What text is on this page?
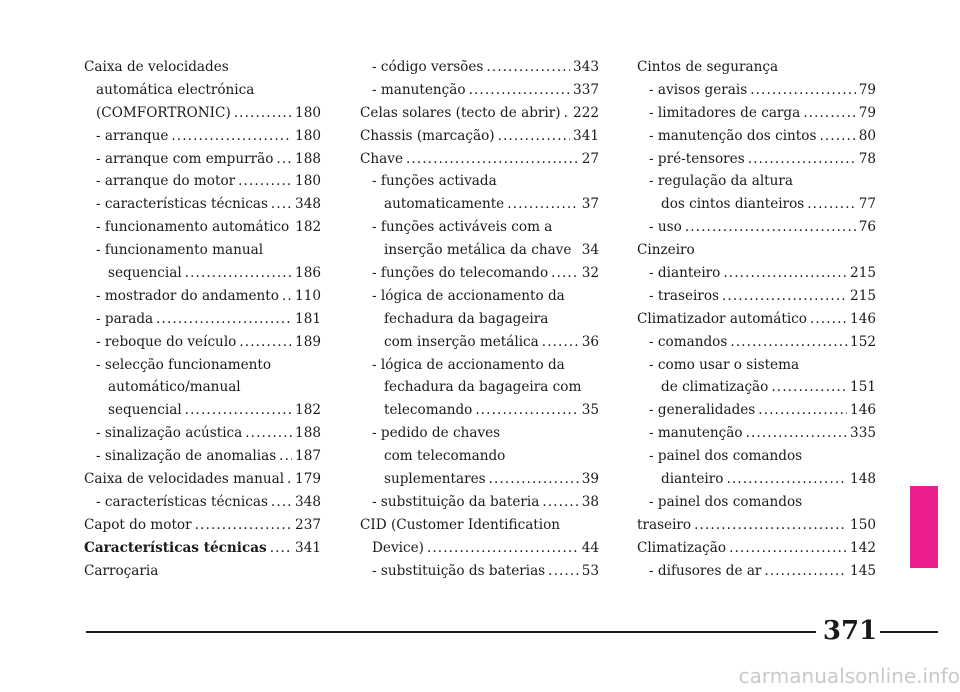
Caixa de velocidades
automática electrónica
(COMFORTRONIC) .....	180
- arranque .....	180
- arranque com empurrão ..... 188
- arranque do motor .....	180
- características técnicas ..... 348
- funcionamento automático 182
- funcionamento manual
sequencial .....	186
- mostrador do andamento ..... 110
- parada .....	181
- reboque do veículo .....	189
- selecção funcionamento
automático/manual
sequencial .....	182
- sinalização acústica .....	188
- sinalização de anomalias ..... 187
Caixa de velocidades manual ..... 179
- características técnicas ..... 348
Capot do motor .....	237
Características técnicas ..... 341
Carroçaria
- código versões .....	343
- manutenção .....	337
Celas solares (tecto de abrir) ..... 222
Chassis (marcação) .....	341
Chave .....	27
- funções activada
automaticamente .....	37
- funções activáveis com a
inserção metálica da chave 34
- funções do telecomando ..... 32
- lógica de accionamento da
fechadura da bagageira
com inserção metálica .....	36
- lógica de accionamento da
fechadura da bagageira com
telecomando .....	35
- pedido de chaves
com telecomando
suplementares .....	39
- substituição da bateria .....	38
CID (Customer Identification
Device) .....	44
- substituição ds baterias .....	53
Cintos de segurança
- avisos gerais .....	79
- limitadores de carga .....	79
- manutenção dos cintos .....	80
- pré-tensores .....	78
- regulação da altura
dos cintos dianteiros .....	77
- uso .....	76
Cinzeiro
- dianteiro .....	215
- traseiros .....	215
Climatizador automático .....	146
- comandos .....	152
- como usar o sistema
de climatização .....	151
- generalidades .....	146
- manutenção .....	335
- painel dos comandos
dianteiro .....	148
- painel dos comandos
traseiro .....	150
Climatização .....	142
- difusores de ar .....	145
371
carmanualsonline.info
